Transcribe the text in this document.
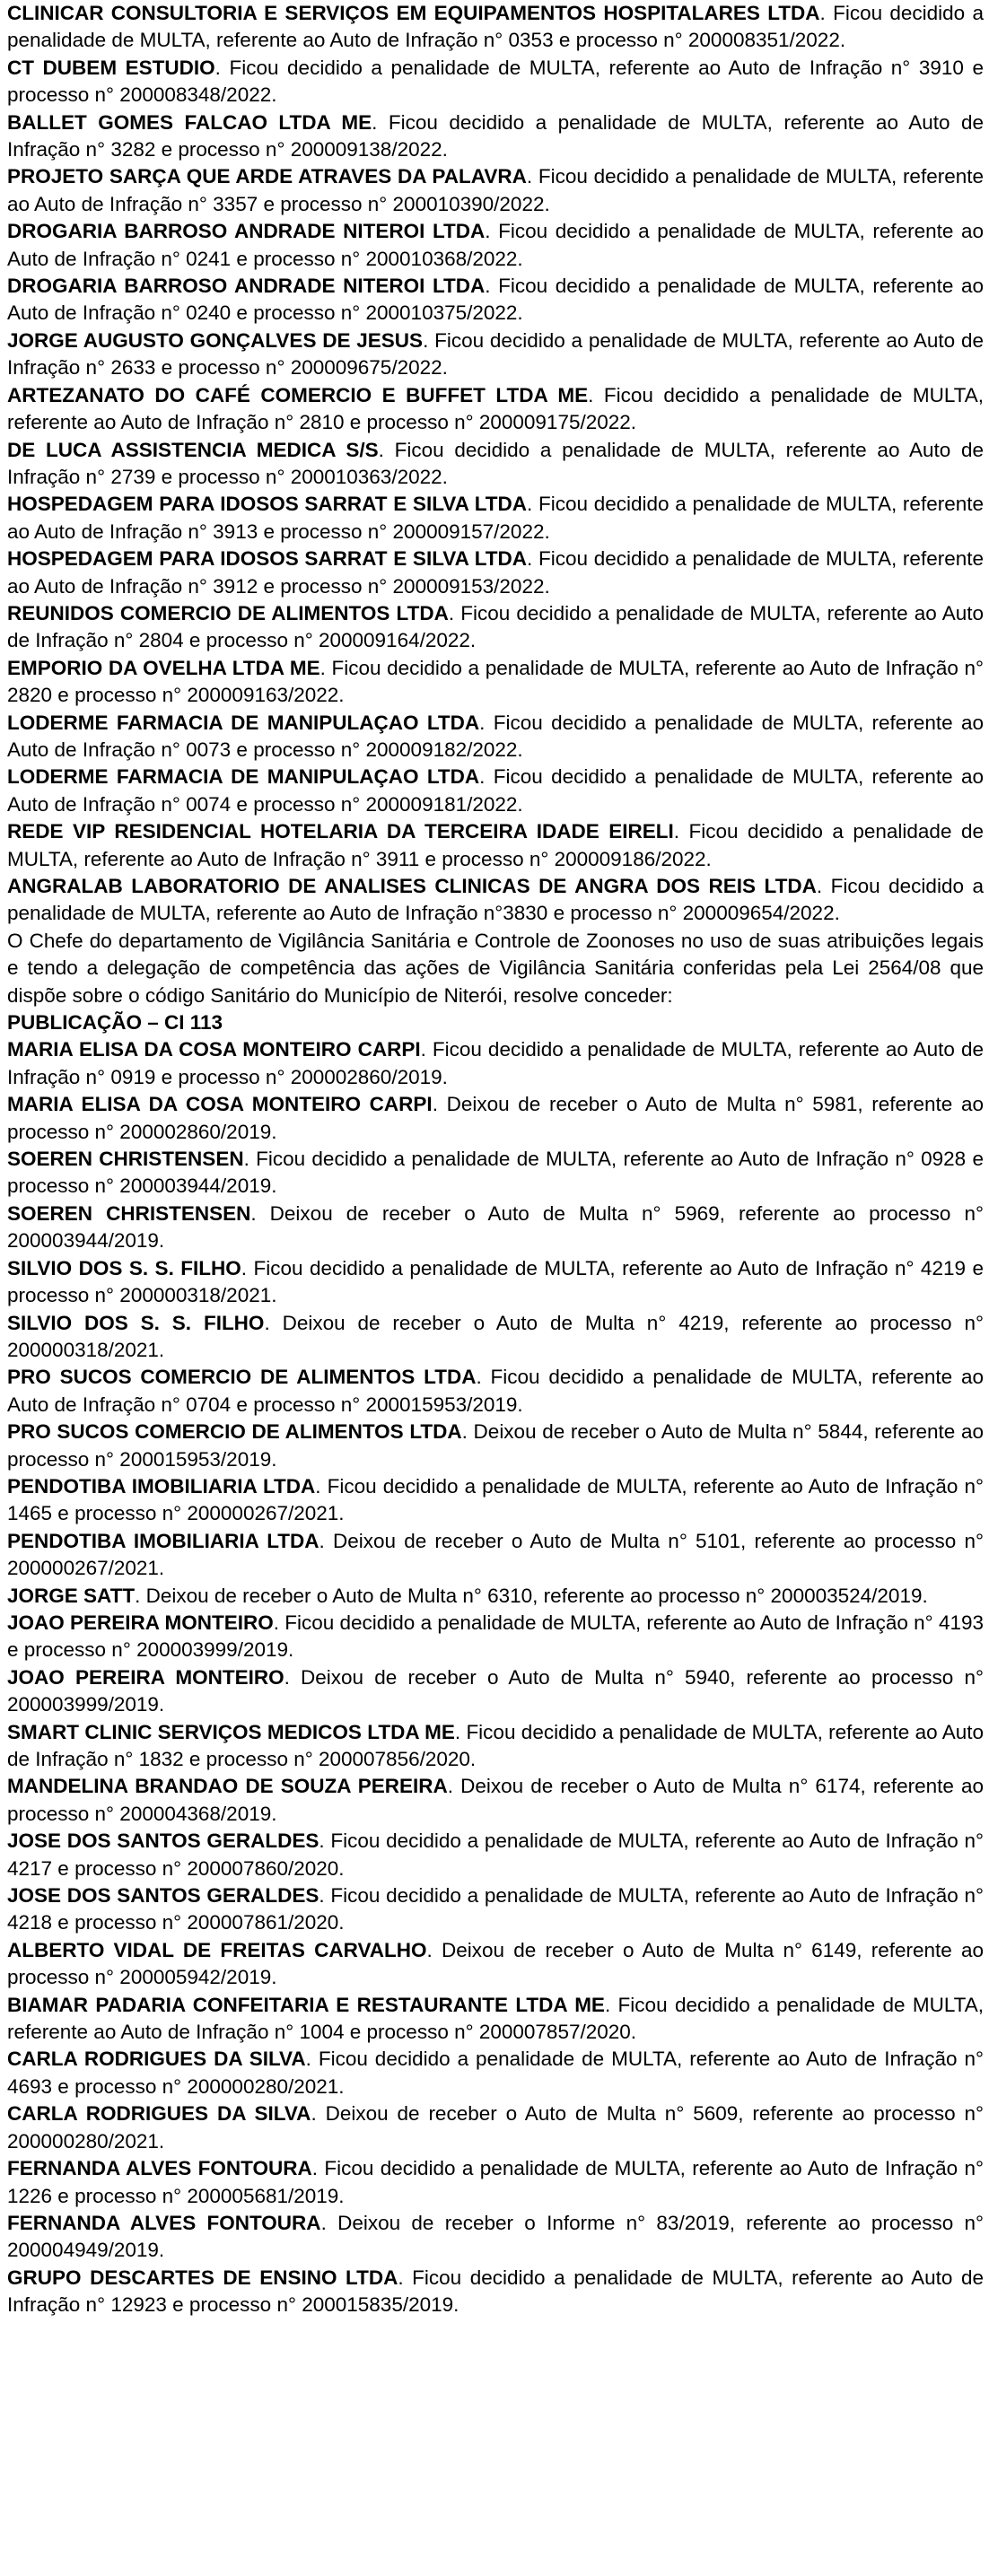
CLINICAR CONSULTORIA E SERVIÇOS EM EQUIPAMENTOS HOSPITALARES LTDA. Ficou decidido a penalidade de MULTA, referente ao Auto de Infração n° 0353 e processo n° 200008351/2022.

CT DUBEM ESTUDIO. Ficou decidido a penalidade de MULTA, referente ao Auto de Infração n° 3910 e processo n° 200008348/2022.

BALLET GOMES FALCAO LTDA ME. Ficou decidido a penalidade de MULTA, referente ao Auto de Infração n° 3282 e processo n° 200009138/2022.

PROJETO SARÇA QUE ARDE ATRAVES DA PALAVRA. Ficou decidido a penalidade de MULTA, referente ao Auto de Infração n° 3357 e processo n° 200010390/2022.

DROGARIA BARROSO ANDRADE NITEROI LTDA. Ficou decidido a penalidade de MULTA, referente ao Auto de Infração n° 0241 e processo n° 200010368/2022.

DROGARIA BARROSO ANDRADE NITEROI LTDA. Ficou decidido a penalidade de MULTA, referente ao Auto de Infração n° 0240 e processo n° 200010375/2022.

JORGE AUGUSTO GONÇALVES DE JESUS. Ficou decidido a penalidade de MULTA, referente ao Auto de Infração n° 2633 e processo n° 200009675/2022.

ARTEZANATO DO CAFÉ COMERCIO E BUFFET LTDA ME. Ficou decidido a penalidade de MULTA, referente ao Auto de Infração n° 2810 e processo n° 200009175/2022.

DE LUCA ASSISTENCIA MEDICA S/S. Ficou decidido a penalidade de MULTA, referente ao Auto de Infração n° 2739 e processo n° 200010363/2022.

HOSPEDAGEM PARA IDOSOS SARRAT E SILVA LTDA. Ficou decidido a penalidade de MULTA, referente ao Auto de Infração n° 3913 e processo n° 200009157/2022.

HOSPEDAGEM PARA IDOSOS SARRAT E SILVA LTDA. Ficou decidido a penalidade de MULTA, referente ao Auto de Infração n° 3912 e processo n° 200009153/2022.

REUNIDOS COMERCIO DE ALIMENTOS LTDA. Ficou decidido a penalidade de MULTA, referente ao Auto de Infração n° 2804 e processo n° 200009164/2022.

EMPORIO DA OVELHA LTDA ME. Ficou decidido a penalidade de MULTA, referente ao Auto de Infração n° 2820 e processo n° 200009163/2022.

LODERME FARMACIA DE MANIPULAÇAO LTDA. Ficou decidido a penalidade de MULTA, referente ao Auto de Infração n° 0073 e processo n° 200009182/2022.

LODERME FARMACIA DE MANIPULAÇAO LTDA. Ficou decidido a penalidade de MULTA, referente ao Auto de Infração n° 0074 e processo n° 200009181/2022.

REDE VIP RESIDENCIAL HOTELARIA DA TERCEIRA IDADE EIRELI. Ficou decidido a penalidade de MULTA, referente ao Auto de Infração n° 3911 e processo n° 200009186/2022.

ANGRALAB LABORATORIO DE ANALISES CLINICAS DE ANGRA DOS REIS LTDA. Ficou decidido a penalidade de MULTA, referente ao Auto de Infração n°3830 e processo n° 200009654/2022.

O Chefe do departamento de Vigilância Sanitária e Controle de Zoonoses no uso de suas atribuições legais e tendo a delegação de competência das ações de Vigilância Sanitária conferidas pela Lei 2564/08 que dispõe sobre o código Sanitário do Município de Niterói, resolve conceder:

PUBLICAÇÃO – CI 113

MARIA ELISA DA COSA MONTEIRO CARPI. Ficou decidido a penalidade de MULTA, referente ao Auto de Infração n° 0919 e processo n° 200002860/2019.

MARIA ELISA DA COSA MONTEIRO CARPI. Deixou de receber o Auto de Multa n° 5981, referente ao processo n° 200002860/2019.

SOEREN CHRISTENSEN. Ficou decidido a penalidade de MULTA, referente ao Auto de Infração n° 0928 e processo n° 200003944/2019.

SOEREN CHRISTENSEN. Deixou de receber o Auto de Multa n° 5969, referente ao processo n° 200003944/2019.

SILVIO DOS S. S. FILHO. Ficou decidido a penalidade de MULTA, referente ao Auto de Infração n° 4219 e processo n° 200000318/2021.

SILVIO DOS S. S. FILHO. Deixou de receber o Auto de Multa n° 4219, referente ao processo n° 200000318/2021.

PRO SUCOS COMERCIO DE ALIMENTOS LTDA. Ficou decidido a penalidade de MULTA, referente ao Auto de Infração n° 0704 e processo n° 200015953/2019.

PRO SUCOS COMERCIO DE ALIMENTOS LTDA. Deixou de receber o Auto de Multa n° 5844, referente ao processo n° 200015953/2019.

PENDOTIBA IMOBILIARIA LTDA. Ficou decidido a penalidade de MULTA, referente ao Auto de Infração n° 1465 e processo n° 200000267/2021.

PENDOTIBA IMOBILIARIA LTDA. Deixou de receber o Auto de Multa n° 5101, referente ao processo n° 200000267/2021.

JORGE SATT. Deixou de receber o Auto de Multa n° 6310, referente ao processo n° 200003524/2019.

JOAO PEREIRA MONTEIRO. Ficou decidido a penalidade de MULTA, referente ao Auto de Infração n° 4193 e processo n° 200003999/2019.

JOAO PEREIRA MONTEIRO. Deixou de receber o Auto de Multa n° 5940, referente ao processo n° 200003999/2019.

SMART CLINIC SERVIÇOS MEDICOS LTDA ME. Ficou decidido a penalidade de MULTA, referente ao Auto de Infração n° 1832 e processo n° 200007856/2020.

MANDELINA BRANDAO DE SOUZA PEREIRA. Deixou de receber o Auto de Multa n° 6174, referente ao processo n° 200004368/2019.

JOSE DOS SANTOS GERALDES. Ficou decidido a penalidade de MULTA, referente ao Auto de Infração n° 4217 e processo n° 200007860/2020.

JOSE DOS SANTOS GERALDES. Ficou decidido a penalidade de MULTA, referente ao Auto de Infração n° 4218 e processo n° 200007861/2020.

ALBERTO VIDAL DE FREITAS CARVALHO. Deixou de receber o Auto de Multa n° 6149, referente ao processo n° 200005942/2019.

BIAMAR PADARIA CONFEITARIA E RESTAURANTE LTDA ME. Ficou decidido a penalidade de MULTA, referente ao Auto de Infração n° 1004 e processo n° 200007857/2020.

CARLA RODRIGUES DA SILVA. Ficou decidido a penalidade de MULTA, referente ao Auto de Infração n° 4693 e processo n° 200000280/2021.

CARLA RODRIGUES DA SILVA. Deixou de receber o Auto de Multa n° 5609, referente ao processo n° 200000280/2021.

FERNANDA ALVES FONTOURA. Ficou decidido a penalidade de MULTA, referente ao Auto de Infração n° 1226 e processo n° 200005681/2019.

FERNANDA ALVES FONTOURA. Deixou de receber o Informe n° 83/2019, referente ao processo n° 200004949/2019.

GRUPO DESCARTES DE ENSINO LTDA. Ficou decidido a penalidade de MULTA, referente ao Auto de Infração n° 12923 e processo n° 200015835/2019.
